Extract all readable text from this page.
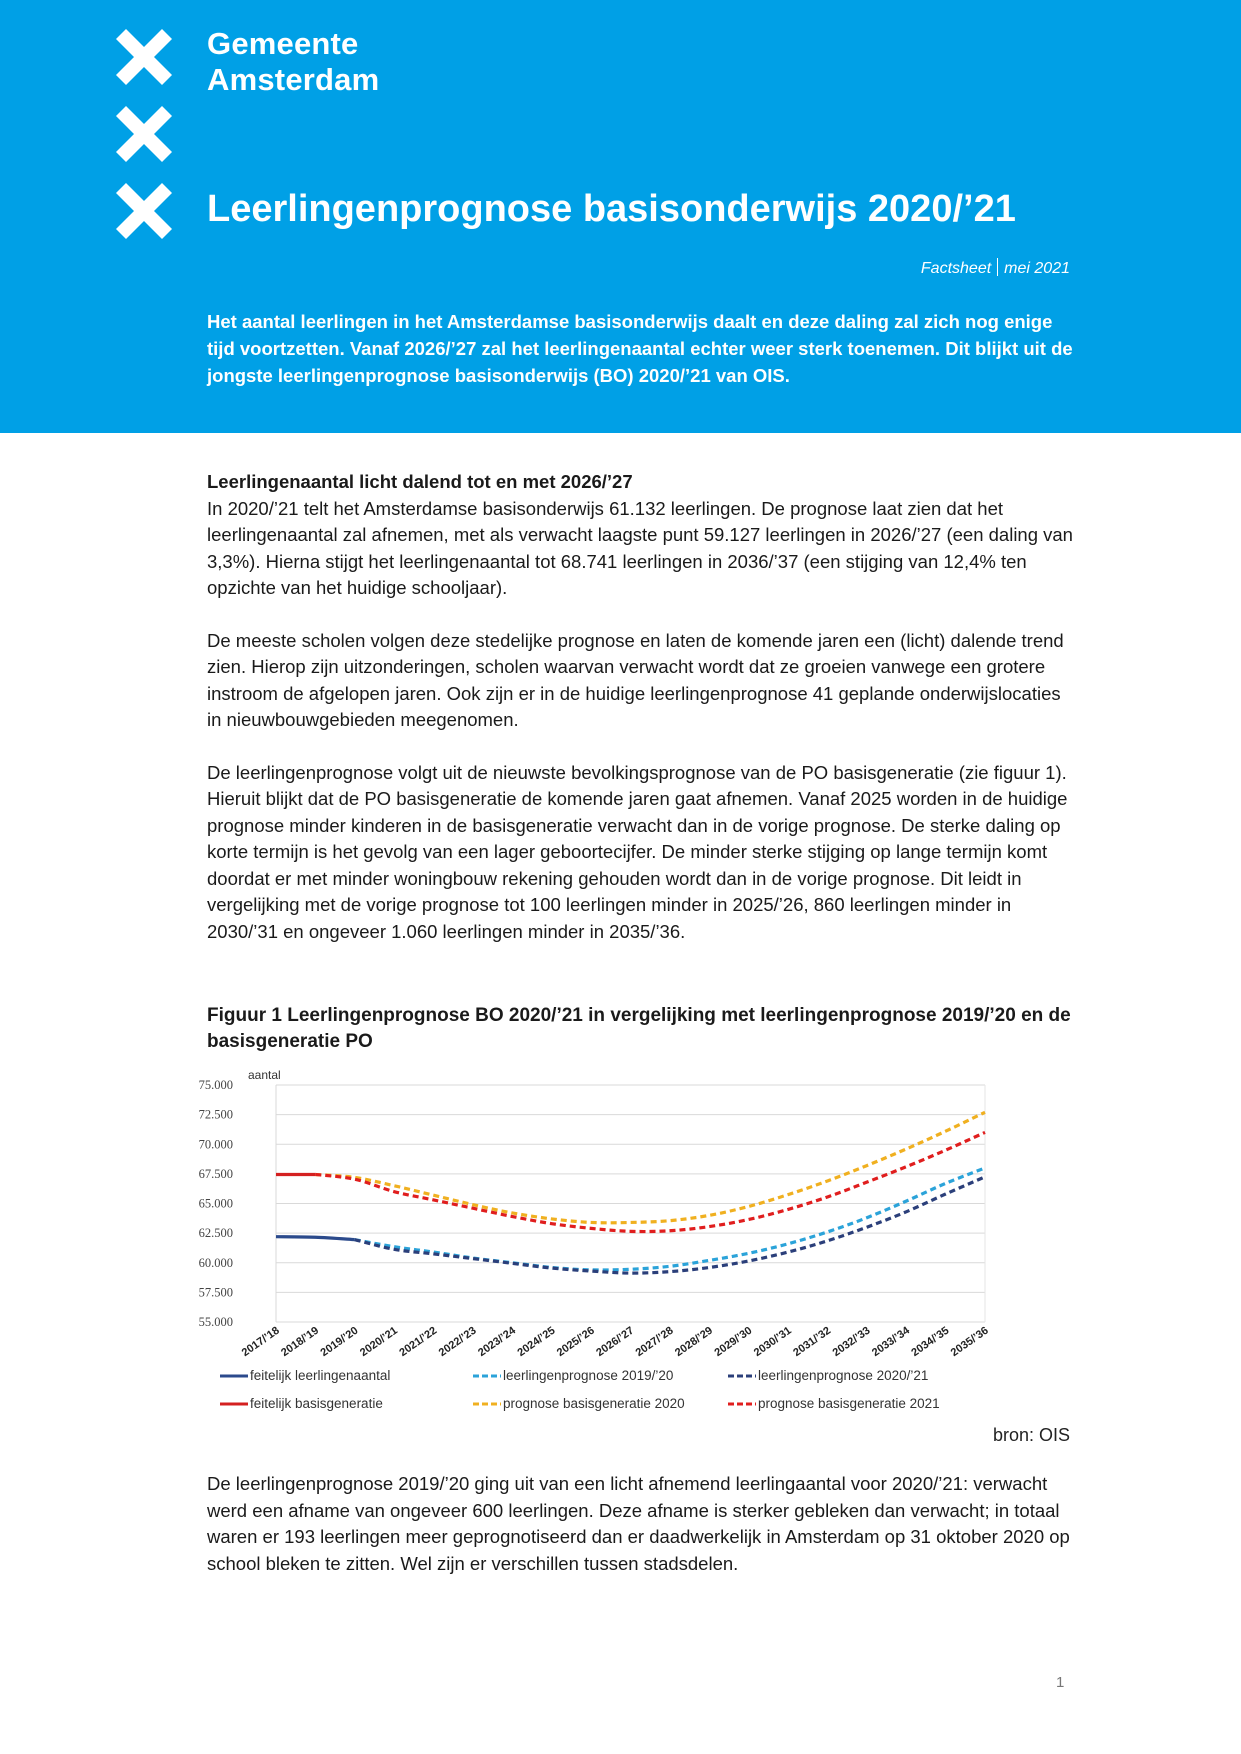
Gemeente
Amsterdam
Leerlingenprognose basisonderwijs 2020/’21
Factsheet mei 2021
Het aantal leerlingen in het Amsterdamse basisonderwijs daalt en deze daling zal zich nog enige tijd voortzetten. Vanaf 2026/’27 zal het leerlingenaantal echter weer sterk toenemen. Dit blijkt uit de jongste leerlingenprognose basisonderwijs (BO) 2020/’21 van OIS.
Leerlingenaantal licht dalend tot en met 2026/’27
In 2020/’21 telt het Amsterdamse basisonderwijs 61.132 leerlingen. De prognose laat zien dat het leerlingenaantal zal afnemen, met als verwacht laagste punt 59.127 leerlingen in 2026/’27 (een daling van 3,3%). Hierna stijgt het leerlingenaantal tot 68.741 leerlingen in 2036/’37 (een stijging van 12,4% ten opzichte van het huidige schooljaar).
De meeste scholen volgen deze stedelijke prognose en laten de komende jaren een (licht) dalende trend zien. Hierop zijn uitzonderingen, scholen waarvan verwacht wordt dat ze groeien vanwege een grotere instroom de afgelopen jaren. Ook zijn er in de huidige leerlingenprognose 41 geplande onderwijslocaties in nieuwbouwgebieden meegenomen.
De leerlingenprognose volgt uit de nieuwste bevolkingsprognose van de PO basisgeneratie (zie figuur 1). Hieruit blijkt dat de PO basisgeneratie de komende jaren gaat afnemen. Vanaf 2025 worden in de huidige prognose minder kinderen in de basisgeneratie verwacht dan in de vorige prognose. De sterke daling op korte termijn is het gevolg van een lager geboortecijfer. De minder sterke stijging op lange termijn komt doordat er met minder woningbouw rekening gehouden wordt dan in de vorige prognose. Dit leidt in vergelijking met de vorige prognose tot 100 leerlingen minder in 2025/’26, 860 leerlingen minder in 2030/’31 en ongeveer 1.060 leerlingen minder in 2035/’36.
Figuur 1 Leerlingenprognose BO 2020/’21 in vergelijking met leerlingenprognose 2019/’20 en de basisgeneratie PO
aantal
55.000
57.500
60.000
62.500
65.000
67.500
70.000
72.500
75.000
2017/’18
2018/’19
2019/’20
2020/’21
2021/’22
2022/’23
2023/’24
2024/’25
2025/’26
2026/’27
2027/’28
2028/’29
2029/’30
2030/’31
2031/’32
2032/’33
2033/’34
2034/’35
2035/’36
feitelijk leerlingenaantal	leerlingenprognose 2019/’20	leerlingenprognose 2020/’21
feitelijk basisgeneratie	prognose basisgeneratie 2020	prognose basisgeneratie 2021
bron: OIS
De leerlingenprognose 2019/’20 ging uit van een licht afnemend leerlingaantal voor 2020/’21: verwacht werd een afname van ongeveer 600 leerlingen. Deze afname is sterker gebleken dan verwacht; in totaal waren er 193 leerlingen meer geprognotiseerd dan er daadwerkelijk in Amsterdam op 31 oktober 2020 op school bleken te zitten. Wel zijn er verschillen tussen stadsdelen.
1
